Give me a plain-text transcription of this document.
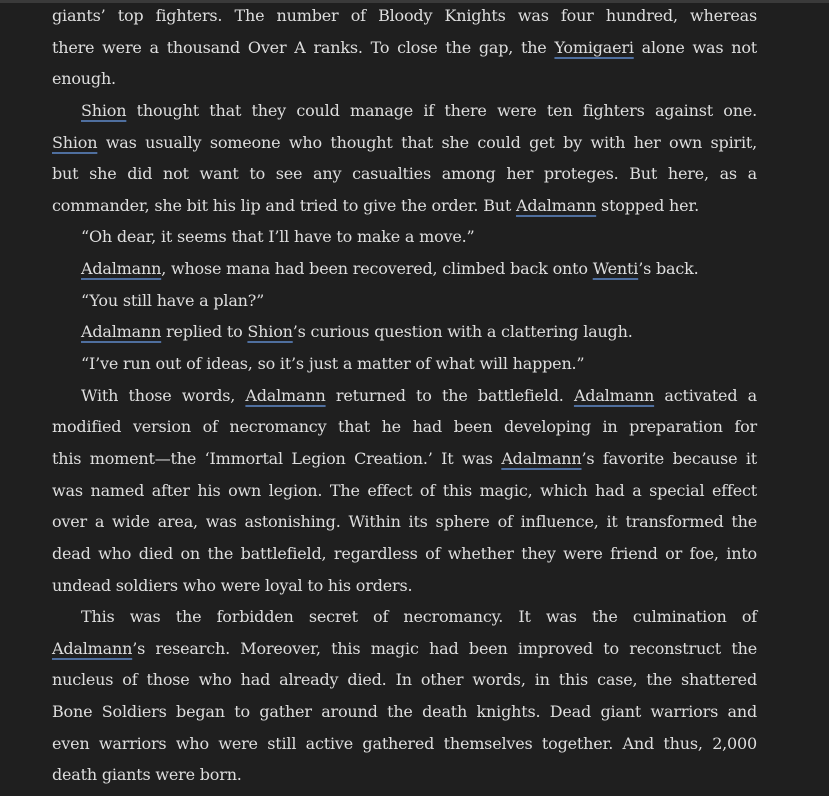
giants’ top fighters. The number of Bloody Knights was four hundred, whereas
there were a thousand Over A ranks. To close the gap, the Yomigaeri alone was not
enough.
Shion thought that they could manage if there were ten fighters against one.
Shion was usually someone who thought that she could get by with her own spirit,
but she did not want to see any casualties among her proteges. But here, as a
commander, she bit his lip and tried to give the order. But Adalmann stopped her.
“Oh dear, it seems that I’ll have to make a move.”
Adalmann, whose mana had been recovered, climbed back onto Wenti’s back.
“You still have a plan?”
Adalmann replied to Shion’s curious question with a clattering laugh.
“I’ve run out of ideas, so it’s just a matter of what will happen.”
With those words, Adalmann returned to the battlefield. Adalmann activated a
modified version of necromancy that he had been developing in preparation for
this moment—the ‘Immortal Legion Creation.’ It was Adalmann’s favorite because it
was named after his own legion. The effect of this magic, which had a special effect
over a wide area, was astonishing. Within its sphere of influence, it transformed the
dead who died on the battlefield, regardless of whether they were friend or foe, into
undead soldiers who were loyal to his orders.
This was the forbidden secret of necromancy. It was the culmination of
Adalmann’s research. Moreover, this magic had been improved to reconstruct the
nucleus of those who had already died. In other words, in this case, the shattered
Bone Soldiers began to gather around the death knights. Dead giant warriors and
even warriors who were still active gathered themselves together. And thus, 2,000
death giants were born.
